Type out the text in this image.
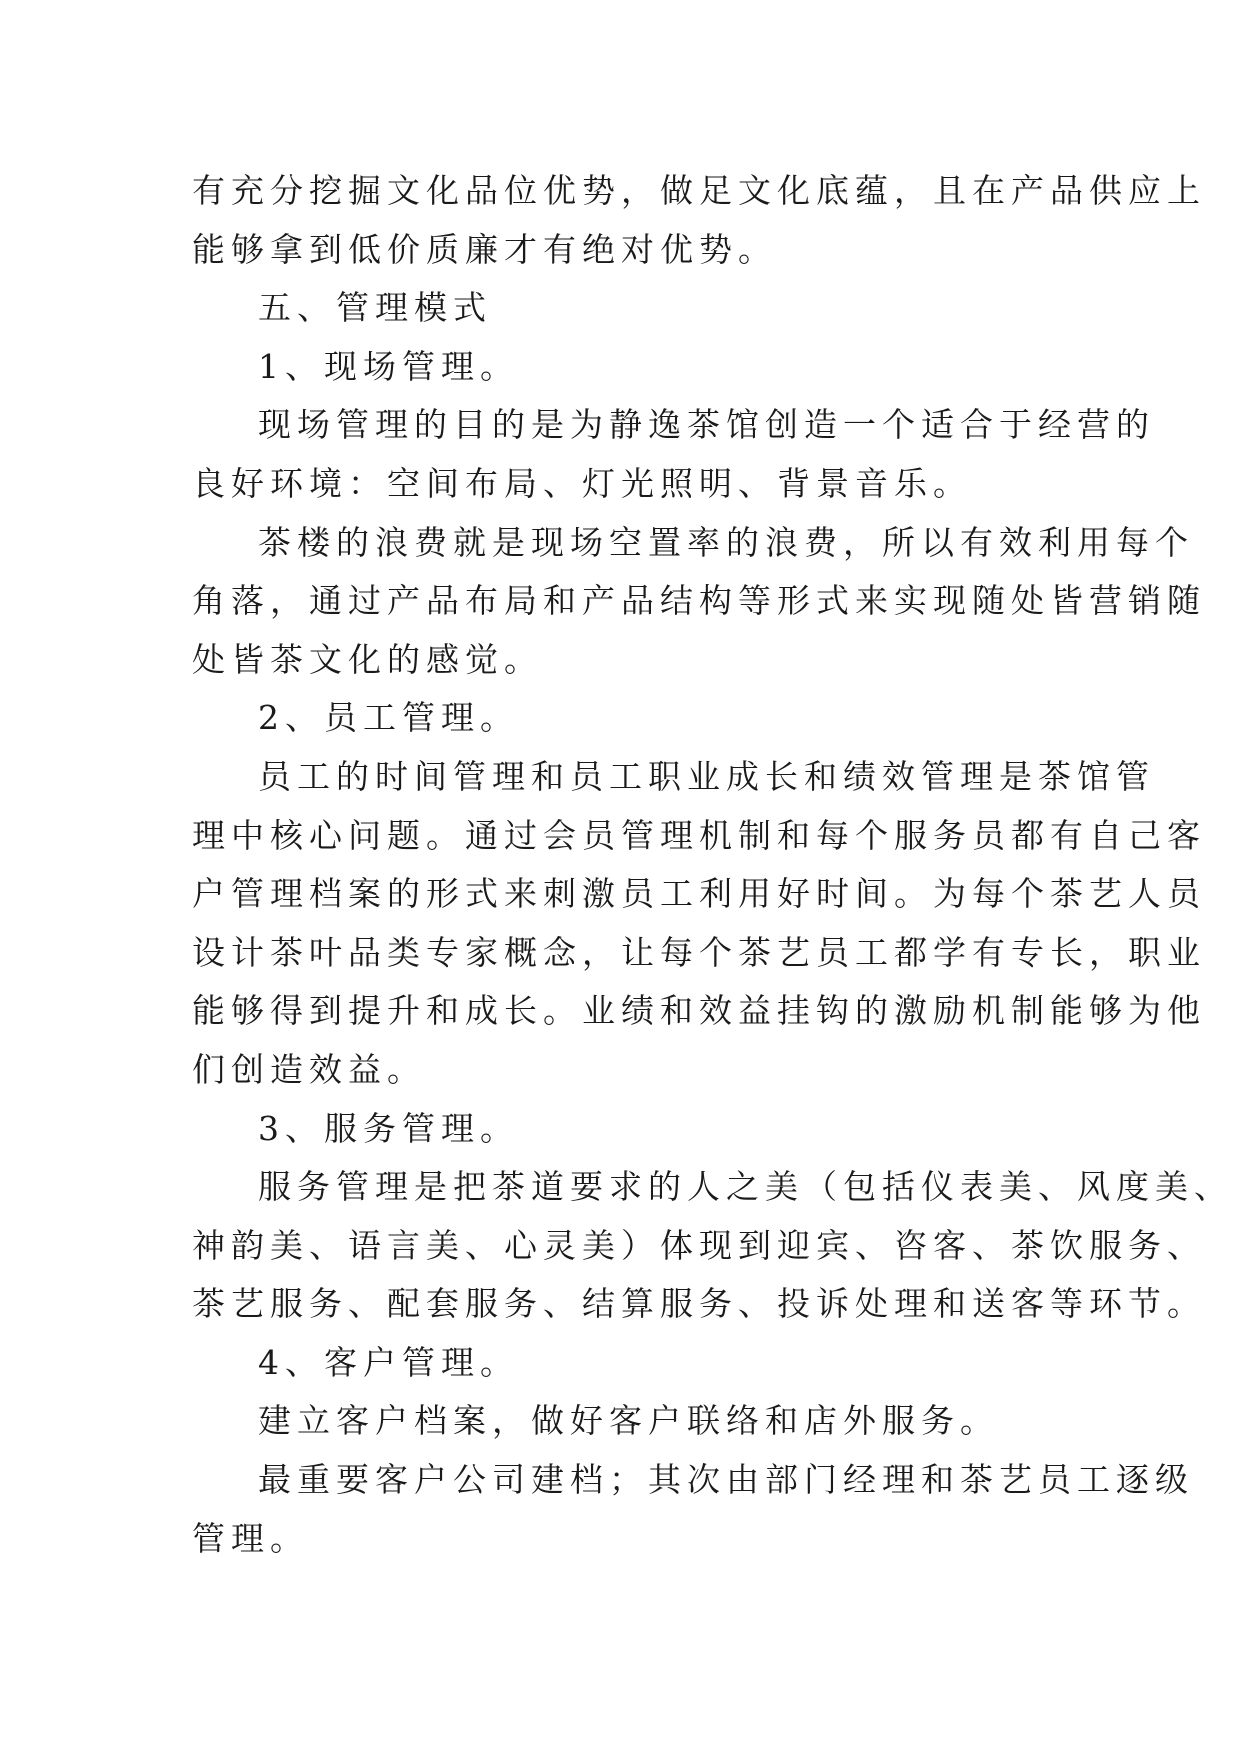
有充分挖掘文化品位优势，做足文化底蕴，且在产品供应上
能够拿到低价质廉才有绝对优势。
五、管理模式
1、现场管理。
现场管理的目的是为静逸茶馆创造一个适合于经营的
良好环境：空间布局、灯光照明、背景音乐。
茶楼的浪费就是现场空置率的浪费，所以有效利用每个
角落，通过产品布局和产品结构等形式来实现随处皆营销随
处皆茶文化的感觉。
2、员工管理。
员工的时间管理和员工职业成长和绩效管理是茶馆管
理中核心问题。通过会员管理机制和每个服务员都有自己客
户管理档案的形式来刺激员工利用好时间。为每个茶艺人员
设计茶叶品类专家概念，让每个茶艺员工都学有专长，职业
能够得到提升和成长。业绩和效益挂钩的激励机制能够为他
们创造效益。
3、服务管理。
服务管理是把茶道要求的人之美（包括仪表美、风度美、
神韵美、语言美、心灵美）体现到迎宾、咨客、茶饮服务、
茶艺服务、配套服务、结算服务、投诉处理和送客等环节。
4、客户管理。
建立客户档案，做好客户联络和店外服务。
最重要客户公司建档；其次由部门经理和茶艺员工逐级
管理。
